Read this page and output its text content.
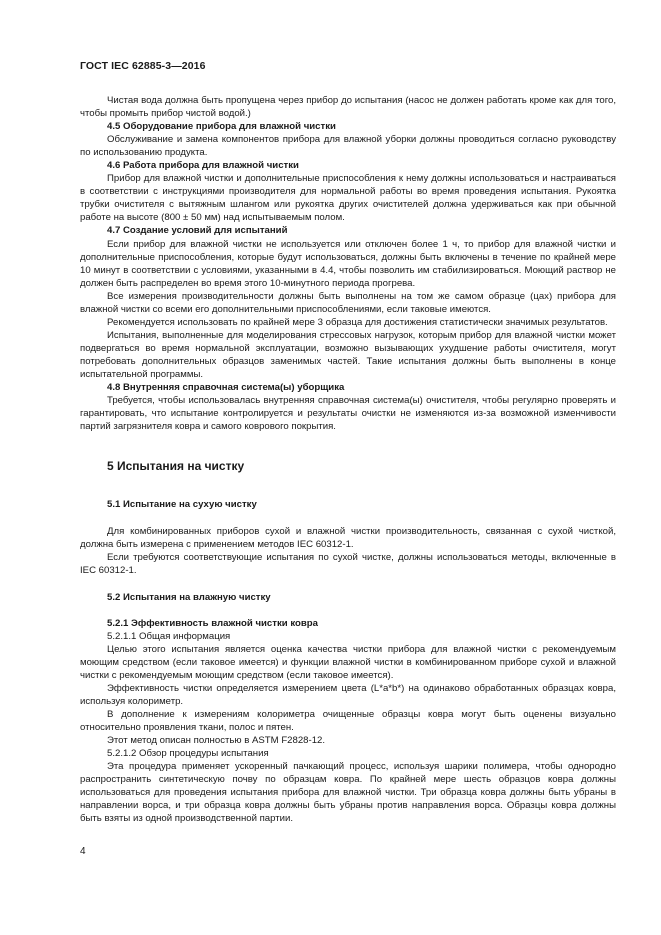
ГОСТ IEC 62885-3—2016

Чистая вода должна быть пропущена через прибор до испытания (насос не должен работать кроме как для того, чтобы промыть прибор чистой водой.)

4.5 Оборудование прибора для влажной чистки

Обслуживание и замена компонентов прибора для влажной уборки должны проводиться согласно руководству по использованию продукта.

4.6 Работа прибора для влажной чистки

Прибор для влажной чистки и дополнительные приспособления к нему должны использоваться и настраиваться в соответствии с инструкциями производителя для нормальной работы во время проведения испытания. Рукоятка трубки очистителя с вытяжным шлангом или рукоятка других очистителей должна удерживаться как при обычной работе на высоте (800 ± 50 мм) над испытываемым полом.

4.7 Создание условий для испытаний

Если прибор для влажной чистки не используется или отключен более 1 ч, то прибор для влажной чистки и дополнительные приспособления, которые будут использоваться, должны быть включены в течение по крайней мере 10 минут в соответствии с условиями, указанными в 4.4, чтобы позволить им стабилизироваться. Моющий раствор не должен быть распределен во время этого 10-минутного периода прогрева.

Все измерения производительности должны быть выполнены на том же самом образце (цах) прибора для влажной чистки со всеми его дополнительными приспособлениями, если таковые имеются.

Рекомендуется использовать по крайней мере 3 образца для достижения статистически значимых результатов.

Испытания, выполненные для моделирования стрессовых нагрузок, которым прибор для влажной чистки может подвергаться во время нормальной эксплуатации, возможно вызывающих ухудшение работы очистителя, могут потребовать дополнительных образцов заменимых частей. Такие испытания должны быть выполнены в конце испытательной программы.

4.8 Внутренняя справочная система(ы) уборщика

Требуется, чтобы использовалась внутренняя справочная система(ы) очистителя, чтобы регулярно проверять и гарантировать, что испытание контролируется и результаты очистки не изменяются из-за возможной изменчивости партий загрязнителя ковра и самого коврового покрытия.

5 Испытания на чистку

5.1 Испытание на сухую чистку

Для комбинированных приборов сухой и влажной чистки производительность, связанная с сухой чисткой, должна быть измерена с применением методов IEC 60312-1.

Если требуются соответствующие испытания по сухой чистке, должны использоваться методы, включенные в IEC 60312-1.

5.2 Испытания на влажную чистку

5.2.1 Эффективность влажной чистки ковра

5.2.1.1 Общая информация

Целью этого испытания является оценка качества чистки прибора для влажной чистки с рекомендуемым моющим средством (если таковое имеется) и функции влажной чистки в комбинированном приборе сухой и влажной чистки с рекомендуемым моющим средством (если таковое имеется).

Эффективность чистки определяется измерением цвета (L*a*b*) на одинаково обработанных образцах ковра, используя колориметр.

В дополнение к измерениям колориметра очищенные образцы ковра могут быть оценены визуально относительно проявления ткани, полос и пятен.

Этот метод описан полностью в ASTM F2828-12.

5.2.1.2 Обзор процедуры испытания

Эта процедура применяет ускоренный пачкающий процесс, используя шарики полимера, чтобы однородно распространить синтетическую почву по образцам ковра. По крайней мере шесть образцов ковра должны использоваться для проведения испытания прибора для влажной чистки. Три образца ковра должны быть убраны в направлении ворса, и три образца ковра должны быть убраны против направления ворса. Образцы ковра должны быть взяты из одной производственной партии.

4
